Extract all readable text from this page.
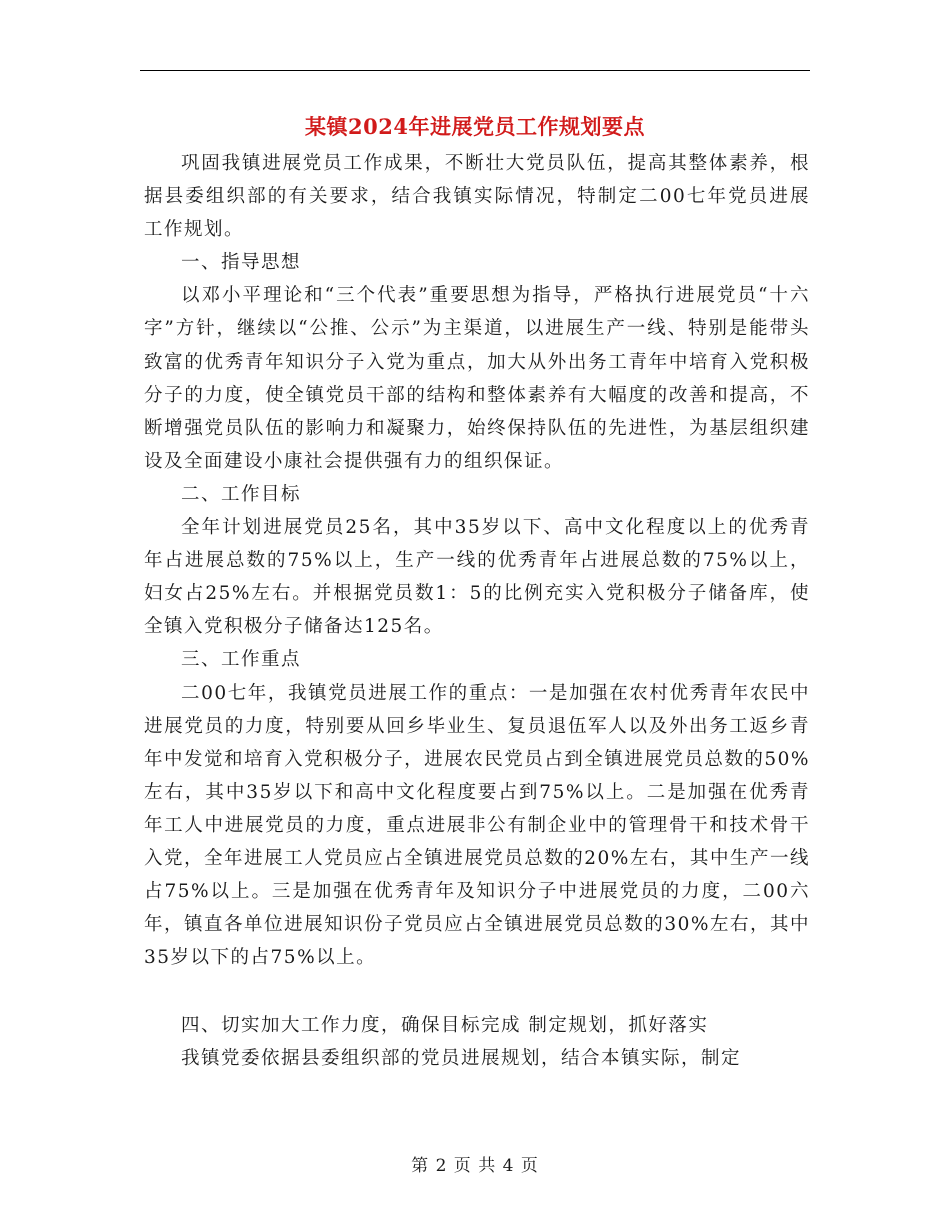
某镇2024年进展党员工作规划要点

巩固我镇进展党员工作成果，不断壮大党员队伍，提高其整体素养，根据县委组织部的有关要求，结合我镇实际情况，特制定二00七年党员进展工作规划。

一、指导思想

以邓小平理论和“三个代表”重要思想为指导，严格执行进展党员“十六字”方针，继续以“公推、公示”为主渠道，以进展生产一线、特别是能带头致富的优秀青年知识分子入党为重点，加大从外出务工青年中培育入党积极分子的力度，使全镇党员干部的结构和整体素养有大幅度的改善和提高，不断增强党员队伍的影响力和凝聚力，始终保持队伍的先进性，为基层组织建设及全面建设小康社会提供强有力的组织保证。

二、工作目标

全年计划进展党员25名，其中35岁以下、高中文化程度以上的优秀青年占进展总数的75%以上，生产一线的优秀青年占进展总数的75%以上，妇女占25%左右。并根据党员数1：5的比例充实入党积极分子储备库，使全镇入党积极分子储备达125名。

三、工作重点

二00七年，我镇党员进展工作的重点：一是加强在农村优秀青年农民中进展党员的力度，特别要从回乡毕业生、复员退伍军人以及外出务工返乡青年中发觉和培育入党积极分子，进展农民党员占到全镇进展党员总数的50%左右，其中35岁以下和高中文化程度要占到75%以上。二是加强在优秀青年工人中进展党员的力度，重点进展非公有制企业中的管理骨干和技术骨干入党，全年进展工人党员应占全镇进展党员总数的20%左右，其中生产一线占75%以上。三是加强在优秀青年及知识分子中进展党员的力度，二00六年，镇直各单位进展知识份子党员应占全镇进展党员总数的30%左右，其中35岁以下的占75%以上。

四、切实加大工作力度，确保目标完成 制定规划，抓好落实

我镇党委依据县委组织部的党员进展规划，结合本镇实际，制定

第 2 页 共 4 页
